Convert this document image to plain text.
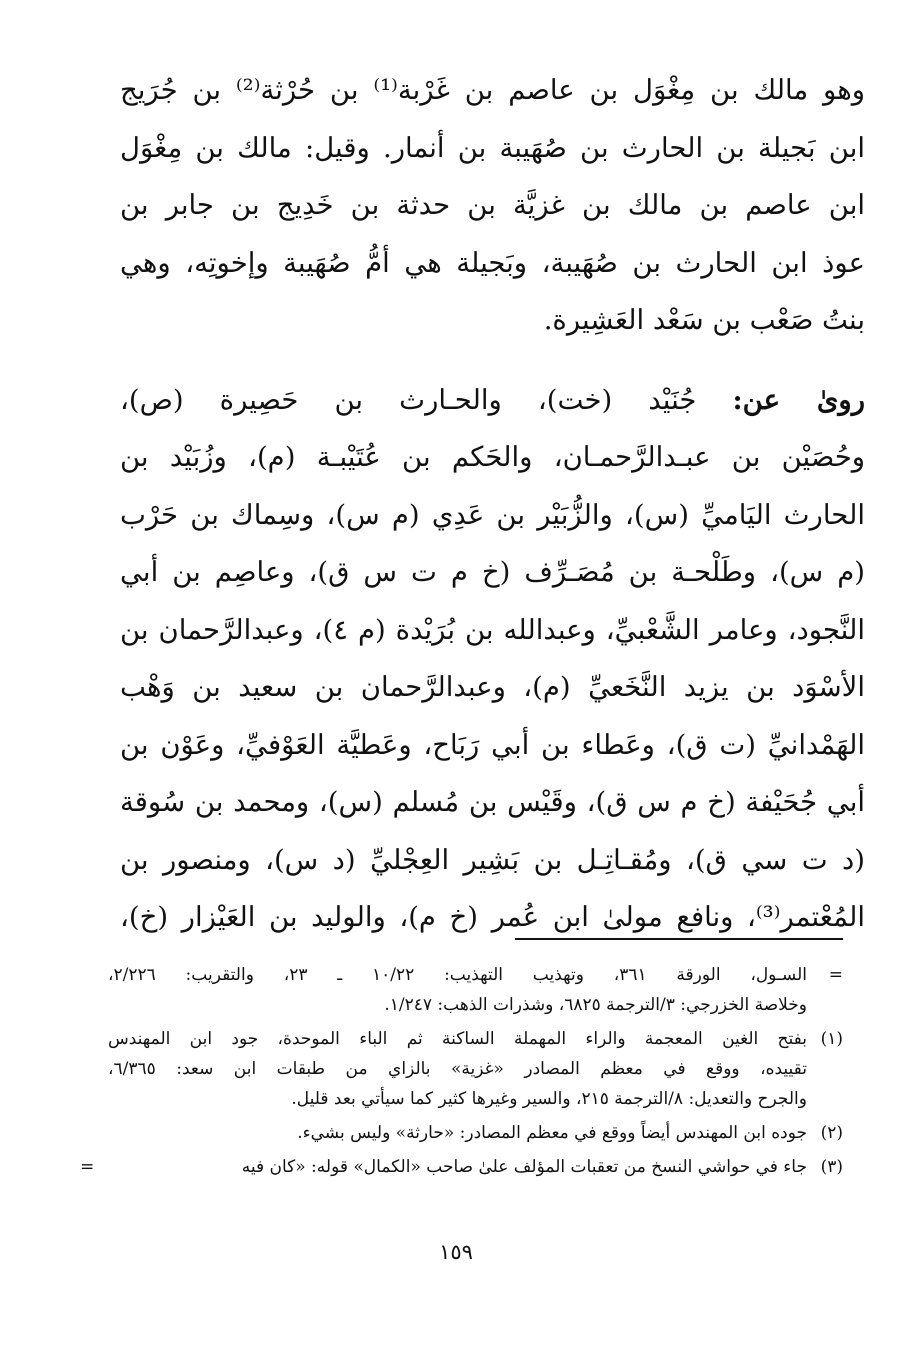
وهو مالك بن مِغْوَل بن عاصم بن غَرْبة⁽¹⁾ بن حُرْثة⁽²⁾ بن جُرَيج
ابن بَجيلة بن الحارث بن صُهَيبة بن أنمار. وقيل: مالك بن مِغْوَل
ابن عاصم بن مالك بن غزيَّة بن حدثة بن خَدِيج بن جابر بن
عوذ ابن الحارث بن صُهَيبة، وبَجيلة هي أمُّ صُهَيبة وإخوتِه، وهي
بنتُ صَعْب بن سَعْد العَشِيرة.
روىٰ عن: جُنَيْد (خت)، والحـارث بن حَصِيرة (ص)،
وحُصَيْن بن عبـدالرَّحمـان، والحَكم بن عُتَيْبـة (م)، وزُبَيْد بن
الحارث اليَاميِّ (س)، والزُّبَيْر بن عَدِي (م س)، وسِماك بن حَرْب
(م س)، وطَلْحـة بن مُصَـرِّف (خ م ت س ق)، وعاصِم بن أبي
النَّجود، وعامر الشَّعْبيِّ، وعبدالله بن بُرَيْدة (م ٤)، وعبدالرَّحمان بن
الأسْوَد بن يزيد النَّخَعيِّ (م)، وعبدالرَّحمان بن سعيد بن وَهْب
الهَمْدانيِّ (ت ق)، وعَطاء بن أبي رَبَاح، وعَطيَّة العَوْفيِّ، وعَوْن بن
أبي جُحَيْفة (خ م س ق)، وقَيْس بن مُسلم (س)، ومحمد بن سُوقة
(د ت سي ق)، ومُقـاتِـل بن بَشِير العِجْليِّ (د س)، ومنصور بن
المُعْتمر⁽³⁾، ونافع مولىٰ ابن عُمر (خ م)، والوليد بن العَيْزار (خ)،
=
السـول، الورقة ٣٦١، وتهذيب التهذيب: ١٠/٢٢ ـ ٢٣، والتقريب: ٢/٢٢٦،
وخلاصة الخزرجي: ٣/الترجمة ٦٨٢٥، وشذرات الذهب: ١/٢٤٧.
(١)
بفتح الغين المعجمة والراء المهملة الساكنة ثم الباء الموحدة، جود ابن المهندس
تقييده، ووقع في معظم المصادر «غزية» بالزاي من طبقات ابن سعد: ٦/٣٦٥،
والجرح والتعديل: ٨/الترجمة ٢١٥، والسير وغيرها كثير كما سيأتي بعد قليل.
(٢)
جوده ابن المهندس أيضاً ووقع في معظم المصادر: «حارثة» وليس بشيء.
(٣)
جاء في حواشي النسخ من تعقبات المؤلف علىٰ صاحب «الكمال» قوله: «كان فيه
=
١٥٩
